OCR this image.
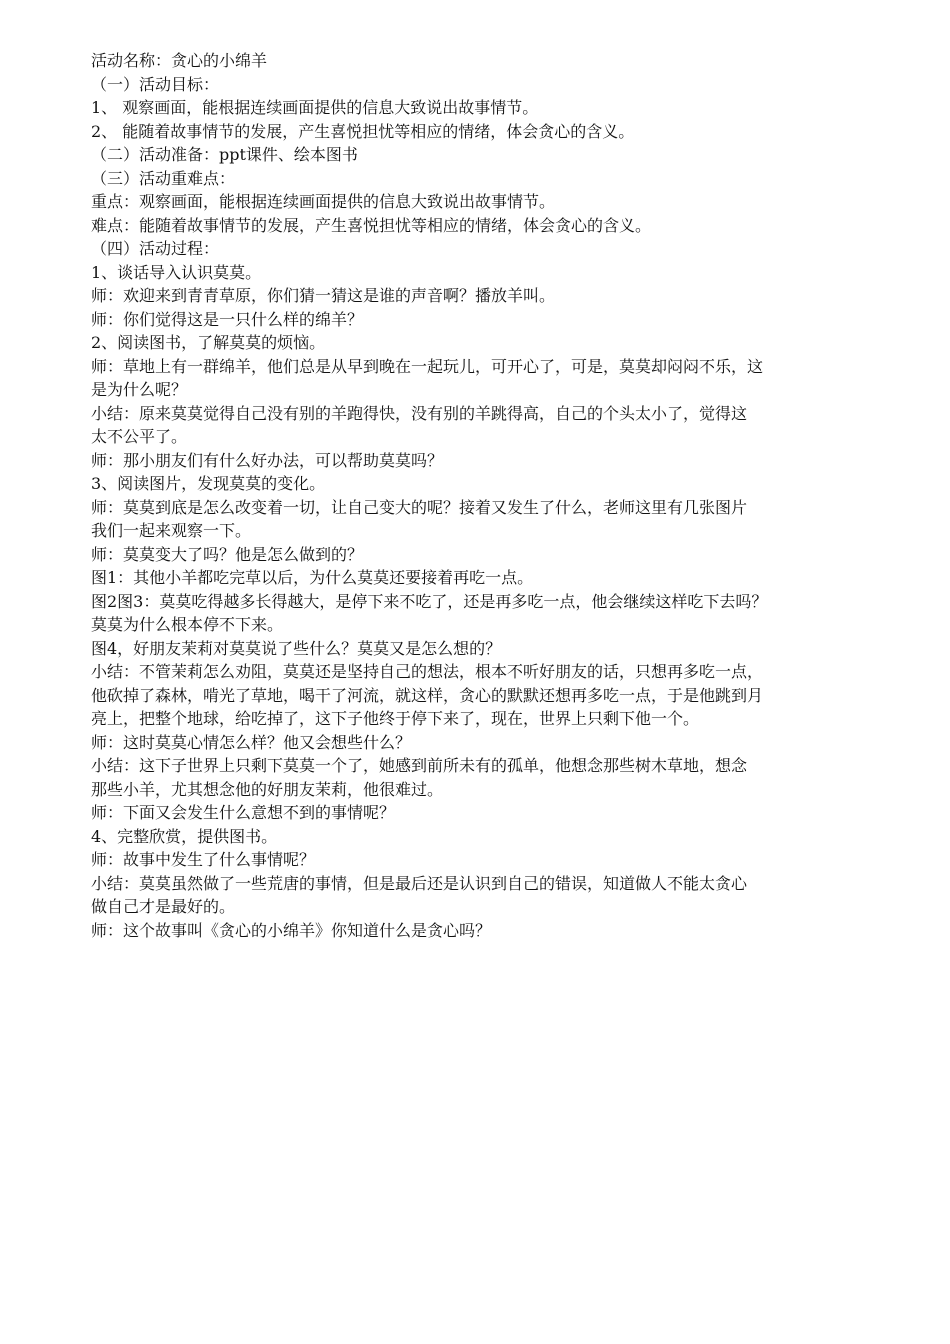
活动名称：贪心的小绵羊
（一）活动目标：
1、 观察画面，能根据连续画面提供的信息大致说出故事情节。
2、 能随着故事情节的发展，产生喜悦担忧等相应的情绪，体会贪心的含义。
（二）活动准备：ppt课件、绘本图书
（三）活动重难点：
重点：观察画面，能根据连续画面提供的信息大致说出故事情节。
难点：能随着故事情节的发展，产生喜悦担忧等相应的情绪，体会贪心的含义。
（四）活动过程：
1、谈话导入认识莫莫。
师：欢迎来到青青草原，你们猜一猜这是谁的声音啊？播放羊叫。
师：你们觉得这是一只什么样的绵羊？
2、阅读图书，了解莫莫的烦恼。
师：草地上有一群绵羊，他们总是从早到晚在一起玩儿，可开心了，可是，莫莫却闷闷不乐，这
是为什么呢？
小结：原来莫莫觉得自己没有别的羊跑得快，没有别的羊跳得高，自己的个头太小了，觉得这
太不公平了。
师：那小朋友们有什么好办法，可以帮助莫莫吗？
3、阅读图片，发现莫莫的变化。
师：莫莫到底是怎么改变着一切，让自己变大的呢？接着又发生了什么，老师这里有几张图片
我们一起来观察一下。
师：莫莫变大了吗？他是怎么做到的？
图1：其他小羊都吃完草以后，为什么莫莫还要接着再吃一点。
图2图3：莫莫吃得越多长得越大，是停下来不吃了，还是再多吃一点，他会继续这样吃下去吗？
莫莫为什么根本停不下来。
图4，好朋友茉莉对莫莫说了些什么？莫莫又是怎么想的？
小结：不管茉莉怎么劝阻，莫莫还是坚持自己的想法，根本不听好朋友的话，只想再多吃一点，
他砍掉了森林，啃光了草地，喝干了河流，就这样，贪心的默默还想再多吃一点，于是他跳到月
亮上，把整个地球，给吃掉了，这下子他终于停下来了，现在，世界上只剩下他一个。
师：这时莫莫心情怎么样？他又会想些什么？
小结：这下子世界上只剩下莫莫一个了，她感到前所未有的孤单，他想念那些树木草地，想念
那些小羊，尤其想念他的好朋友茉莉，他很难过。
师：下面又会发生什么意想不到的事情呢？
4、完整欣赏，提供图书。
师：故事中发生了什么事情呢？
小结：莫莫虽然做了一些荒唐的事情，但是最后还是认识到自己的错误，知道做人不能太贪心
做自己才是最好的。
师：这个故事叫《贪心的小绵羊》你知道什么是贪心吗？
